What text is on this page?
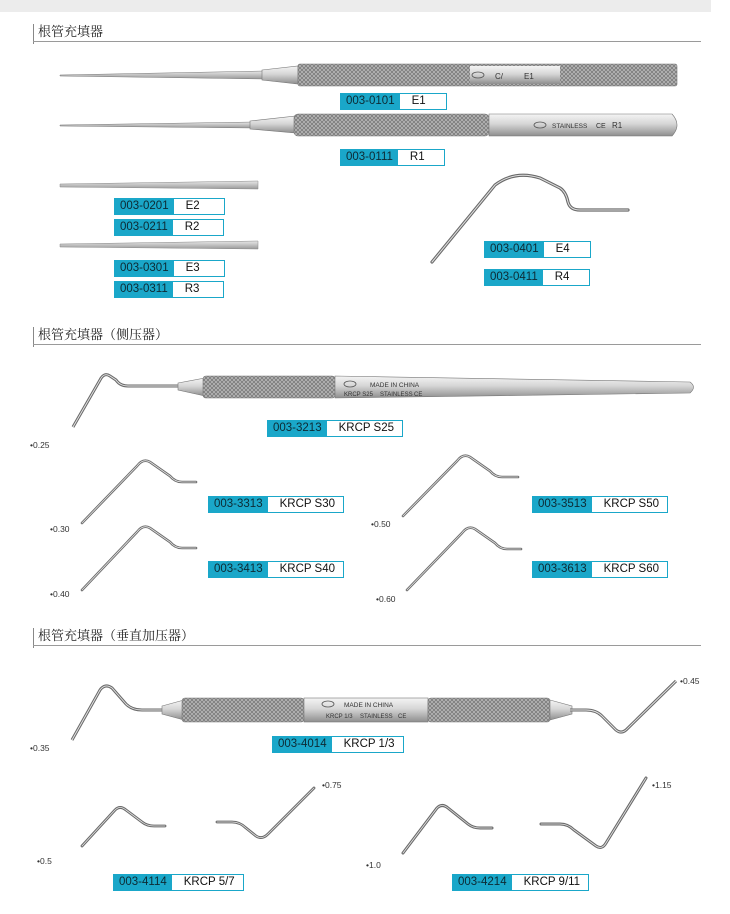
根管充填器
根管充填器（侧压器）
根管充填器（垂直加压器）
C/	E1
STAINLESS CE R1
MADE IN CHINA
KRCP S25 STAINLESS CE
MADE IN CHINA
KRCP 1/3 STAINLESS CE
003-0101	E1
003-0111	R1
003-0201	E2
003-0211	R2
003-0301	E3
003-0311	R3
003-0401	E4
003-0411	R4
003-3213	KRCP S25
003-3313	KRCP S30	003-3513	KRCP S50
003-3413	KRCP S40	003-3613	KRCP S60
003-4014	KRCP 1/3
003-4114	KRCP 5/7	003-4214	KRCP 9/11
• 0.25
• 0.30
• 0.40
• 0.50
• 0.60
• 0.35
• 0.45
• 0.5
• 0.75
• 1.0
• 1.15
